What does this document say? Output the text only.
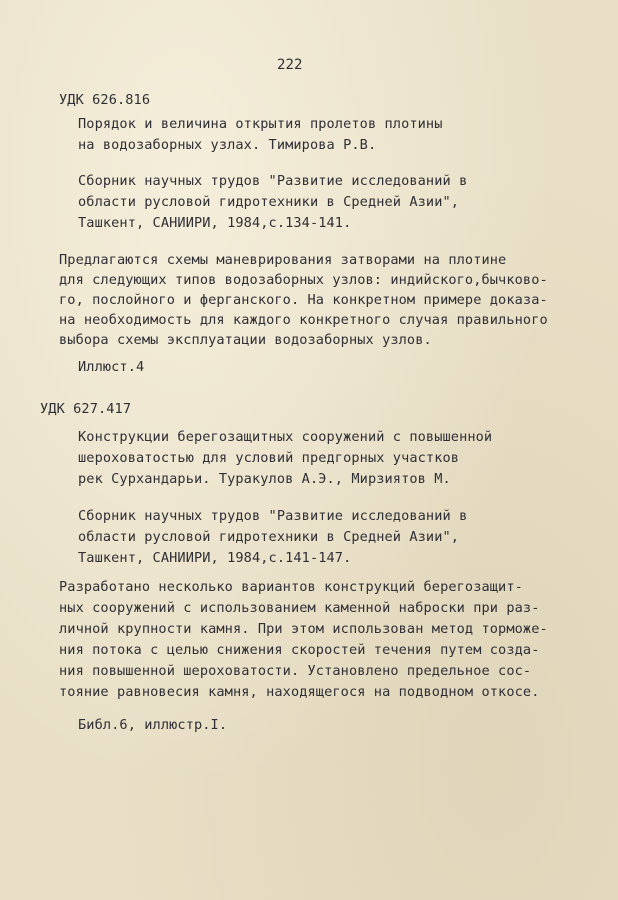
222
УДК 626.816
Порядок и величина открытия пролетов плотины
на водозаборных узлах. Тимирова Р.В.
Сборник научных трудов "Развитие исследований в
области русловой гидротехники в Средней Азии",
Ташкент, САНИИРИ, 1984,с.134-141.
Предлагаются схемы маневрирования затворами на плотине
для следующих типов водозаборных узлов: индийского,бычково-
го, послойного и ферганского. На конкретном примере доказа-
на необходимость для каждого конкретного случая правильного
выбора схемы эксплуатации водозаборных узлов.
Иллюст.4
УДК 627.417
Конструкции берегозащитных сооружений с повышенной
шероховатостью для условий предгорных участков
рек Сурхандарьи. Туракулов А.Э., Мирзиятов М.
Сборник научных трудов "Развитие исследований в
области русловой гидротехники в Средней Азии",
Ташкент, САНИИРИ, 1984,с.141-147.
Разработано несколько вариантов конструкций берегозащит-
ных сооружений с использованием каменной наброски при раз-
личной крупности камня. При этом использован метод торможе-
ния потока с целью снижения скоростей течения путем созда-
ния повышенной шероховатости. Установлено предельное сос-
тояние равновесия камня, находящегося на подводном откосе.
Библ.6, иллюстр.I.
